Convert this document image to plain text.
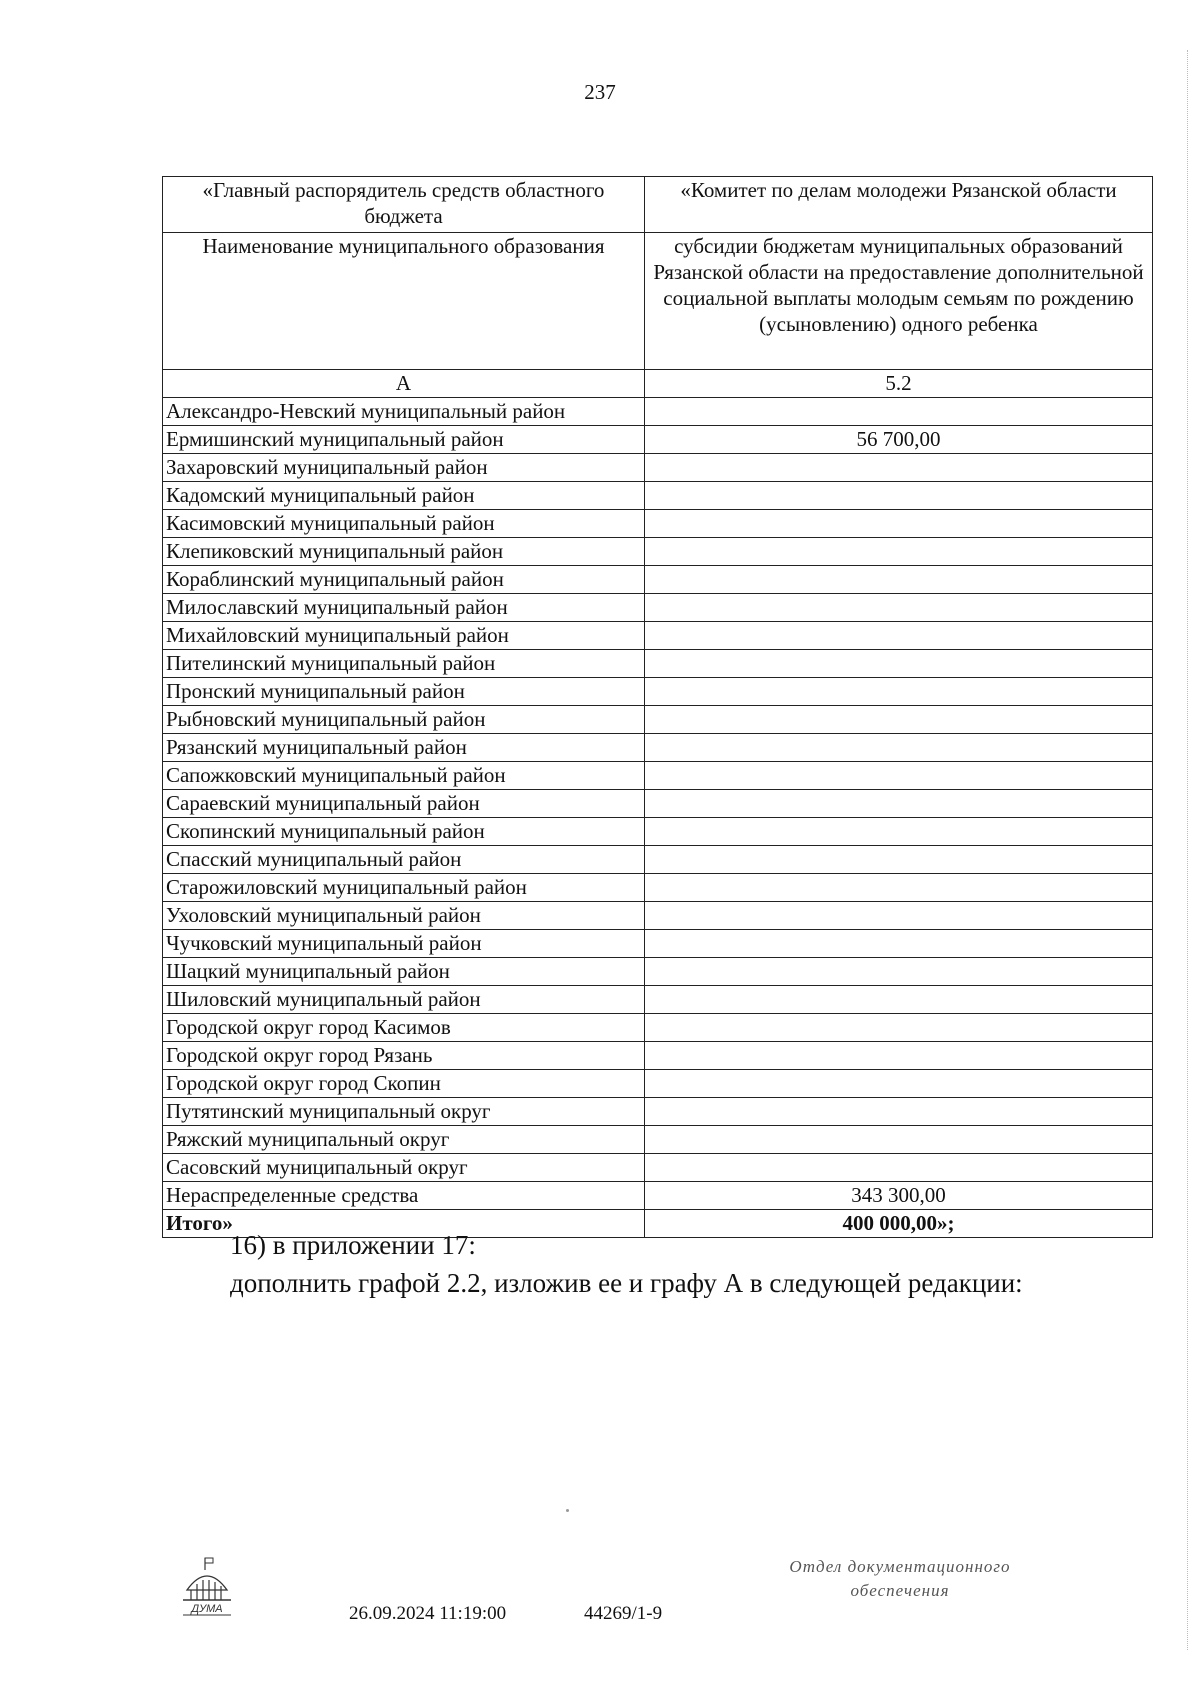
237
«Главный распорядитель средств областного бюджета	«Комитет по делам молодежи Рязанской области
Наименование муниципального образования	субсидии бюджетам муниципальных образований Рязанской области на предоставление дополнительной социальной выплаты молодым семьям по рождению (усыновлению) одного ребенка
А	5.2
Александро-Невский муниципальный район	
Ермишинский муниципальный район	56 700,00
Захаровский муниципальный район	
Кадомский муниципальный район	
Касимовский муниципальный район	
Клепиковский муниципальный район	
Кораблинский муниципальный район	
Милославский муниципальный район	
Михайловский муниципальный район	
Пителинский муниципальный район	
Пронский муниципальный район	
Рыбновский муниципальный район	
Рязанский муниципальный район	
Сапожковский муниципальный район	
Сараевский муниципальный район	
Скопинский муниципальный район	
Спасский муниципальный район	
Старожиловский муниципальный район	
Ухоловский муниципальный район	
Чучковский муниципальный район	
Шацкий муниципальный район	
Шиловский муниципальный район	
Городской округ город Касимов	
Городской округ город Рязань	
Городской округ город Скопин	
Путятинский муниципальный округ	
Ряжский муниципальный округ	
Сасовский муниципальный округ	
Нераспределенные средства	343 300,00
Итого»	400 000,00»;
16) в приложении 17:
дополнить графой 2.2, изложив ее и графу А в следующей редакции:
ДУМА	26.09.2024 11:19:00	44269/1-9
Отдел документационного
обеспечения
